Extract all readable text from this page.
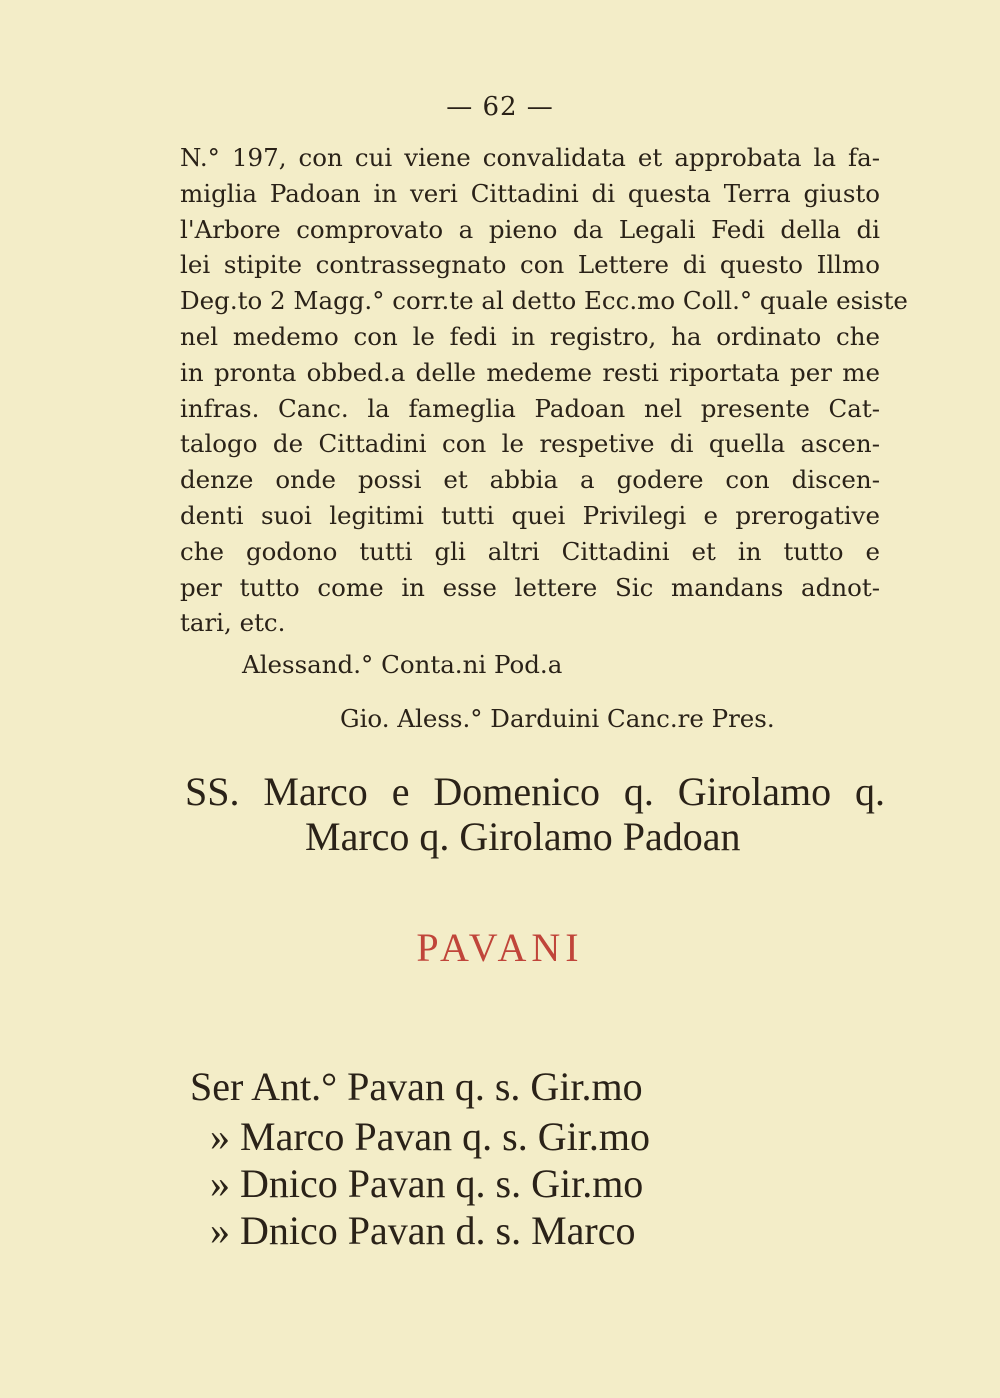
— 62 —
N.° 197, con cui viene convalidata et approbata la fa-
miglia Padoan in veri Cittadini di questa Terra giusto
l'Arbore comprovato a pieno da Legali Fedi della di
lei stipite contrassegnato con Lettere di questo Illmo
Deg.to 2 Magg.° corr.te al detto Ecc.mo Coll.° quale esiste
nel medemo con le fedi in registro, ha ordinato che
in pronta obbed.a delle medeme resti riportata per me
infras. Canc. la fameglia Padoan nel presente Cat-
talogo de Cittadini con le respetive di quella ascen-
denze onde possi et abbia a godere con discen-
denti suoi legitimi tutti quei Privilegi e prerogative
che godono tutti gli altri Cittadini et in tutto e
per tutto come in esse lettere Sic mandans adnot-
tari, etc.
Alessand.° Conta.ni Pod.a
Gio. Aless.° Darduini Canc.re Pres.
SS. Marco e Domenico q. Girolamo q.
Marco q. Girolamo Padoan
PAVANI
Ser Ant.° Pavan q. s. Gir.mo
» Marco Pavan q. s. Gir.mo
» Dnico Pavan q. s. Gir.mo
» Dnico Pavan d. s. Marco
